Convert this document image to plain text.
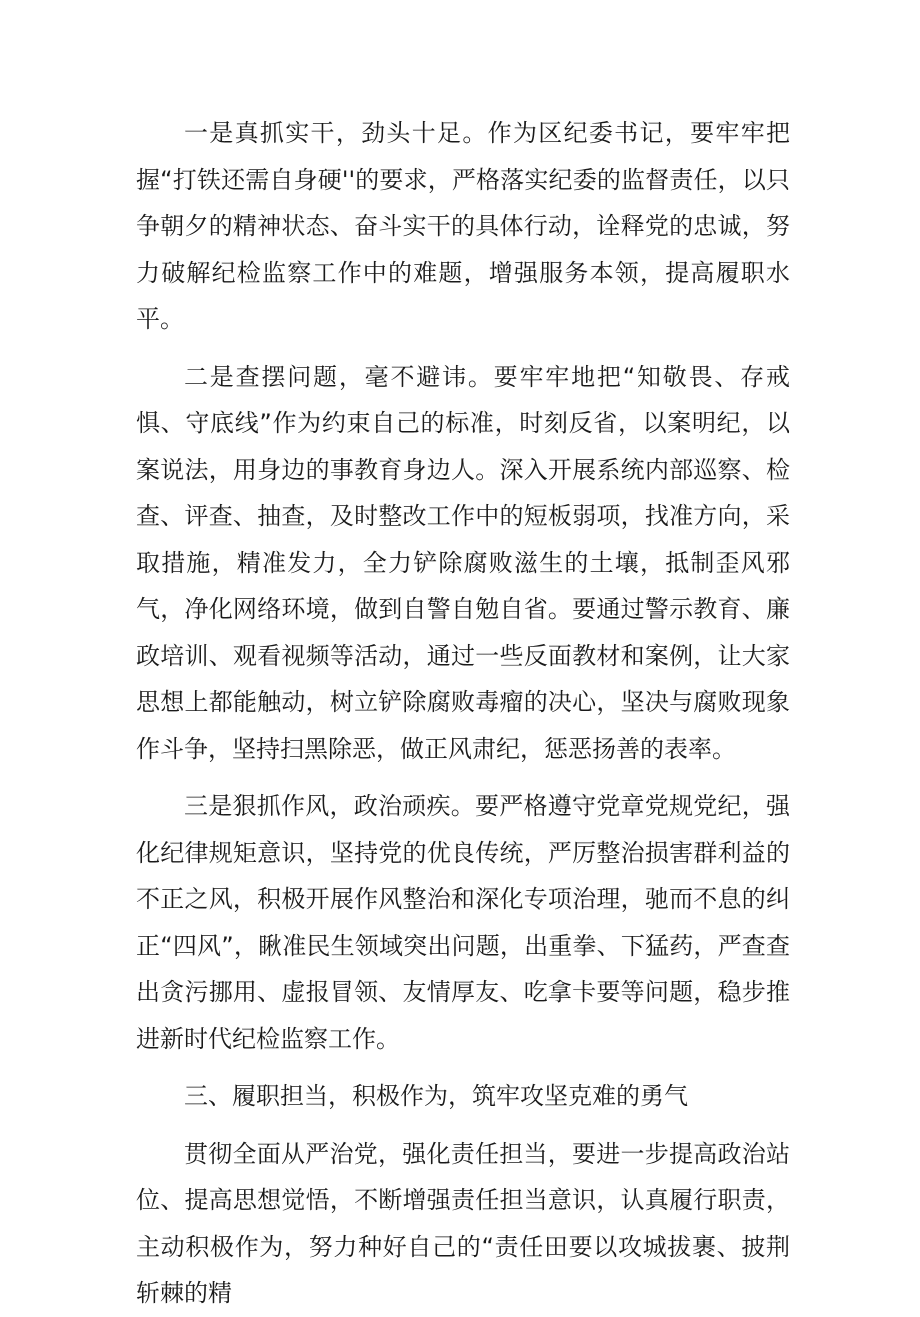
一是真抓实干，劲头十足。作为区纪委书记，要牢牢把握“打铁还需自身硬''的要求，严格落实纪委的监督责任，以只争朝夕的精神状态、奋斗实干的具体行动，诠释党的忠诚，努力破解纪检监察工作中的难题，增强服务本领，提高履职水平。

二是查摆问题，毫不避讳。要牢牢地把“知敬畏、存戒惧、守底线”作为约束自己的标准，时刻反省，以案明纪，以案说法，用身边的事教育身边人。深入开展系统内部巡察、检查、评查、抽查，及时整改工作中的短板弱项，找准方向，采取措施，精准发力，全力铲除腐败滋生的土壤，抵制歪风邪气，净化网络环境，做到自警自勉自省。要通过警示教育、廉政培训、观看视频等活动，通过一些反面教材和案例，让大家思想上都能触动，树立铲除腐败毒瘤的决心，坚决与腐败现象作斗争，坚持扫黑除恶，做正风肃纪，惩恶扬善的表率。

三是狠抓作风，政治顽疾。要严格遵守党章党规党纪，强化纪律规矩意识，坚持党的优良传统，严厉整治损害群利益的不正之风，积极开展作风整治和深化专项治理，驰而不息的纠正“四风”，瞅准民生领域突出问题，出重拳、下猛药，严查查出贪污挪用、虚报冒领、友情厚友、吃拿卡要等问题，稳步推进新时代纪检监察工作。

三、履职担当，积极作为，筑牢攻坚克难的勇气

贯彻全面从严治党，强化责任担当，要进一步提高政治站位、提高思想觉悟，不断增强责任担当意识，认真履行职责，主动积极作为，努力种好自己的“责任田要以攻城拔裹、披荆斩棘的精
